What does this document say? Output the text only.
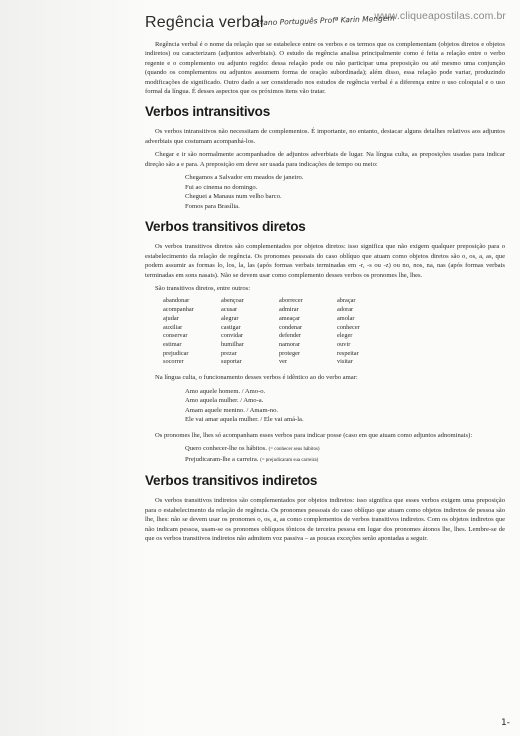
www.cliqueapostilas.com.br
Regência verbal
3ºano Português Profª Karin Mengem

Regência verbal é o nome da relação que se estabelece entre os verbos e os termos que os complementam (objetos diretos e objetos indiretos) ou caracterizam (adjuntos adverbiais). O estudo da regência analisa principalmente como é feita a relação entre o verbo regente e o complemento ou adjunto regido: dessa relação pode ou não participar uma preposição ou até mesmo uma conjunção (quando os complementos ou adjuntos assumem forma de oração subordinada); além disso, essa relação pode variar, produzindo modificações de significado. Outro dado a ser considerado nos estudos de regência verbal é a diferença entre o uso coloquial e o uso formal da língua. É desses aspectos que os próximos itens vão tratar.

Verbos intransitivos

Os verbos intransitivos não necessitam de complementos. É importante, no entanto, destacar alguns detalhes relativos aos adjuntos adverbiais que costumam acompanhá-los.

Chegar e ir são normalmente acompanhados de adjuntos adverbiais de lugar. Na língua culta, as preposições usadas para indicar direção são a e para. A preposição em deve ser usada para indicações de tempo ou meio:

Chegamos a Salvador em meados de janeiro.
Fui ao cinema no domingo.
Cheguei a Manaus num velho barco.
Fomos para Brasília.
Verbos transitivos diretos

Os verbos transitivos diretos são complementados por objetos diretos: isso significa que não exigem qualquer preposição para o estabelecimento da relação de regência. Os pronomes pessoais do caso oblíquo que atuam como objetos diretos são o, os, a, as, que podem assumir as formas lo, los, la, las (após formas verbais terminadas em -r, -s ou -z) ou no, nos, na, nas (após formas verbais terminadas em sons nasais). Não se devem usar como complemento desses verbos os pronomes lhe, lhes.

São transitivos diretos, entre outros:

abandonar	abençoar	aborrecer	abraçar
acompanhar	acusar	admirar	adorar
ajudar	alegrar	ameaçar	amolar
auxiliar	castigar	condenar	conhecer
conservar	convidar	defender	eleger
estimar	humilhar	namorar	ouvir
prejudicar	prezar	proteger	respeitar
socorrer	suportar	ver	visitar

Na língua culta, o funcionamento desses verbos é idêntico ao do verbo amar:

Amo aquele homem. / Amo-o.
Amo aquela mulher. / Amo-a.
Amam aquele menino. / Amam-no.
Ele vai amar aquela mulher. / Ele vai amá-la.

Os pronomes lhe, lhes só acompanham esses verbos para indicar posse (caso em que atuam como adjuntos adnominais):

Quero conhecer-lhe os hábitos. (= conhecer seus hábitos)
Prejudicaram-lhe a carreira. (= prejudicaram sua carreira)
Verbos transitivos indiretos

Os verbos transitivos indiretos são complementados por objetos indiretos: isso significa que esses verbos exigem uma preposição para o estabelecimento da relação de regência. Os pronomes pessoais do caso oblíquo que atuam como objetos indiretos de pessoa são lhe, lhes: não se devem usar os pronomes o, os, a, as como complementos de verbos transitivos indiretos. Com os objetos indiretos que não indicam pessoa, usam-se os pronomes oblíquos tônicos de terceira pessoa em lugar dos pronomes átonos lhe, lhes. Lembre-se de que os verbos transitivos indiretos não admitem voz passiva – as poucas exceções serão apontadas a seguir.

1-
